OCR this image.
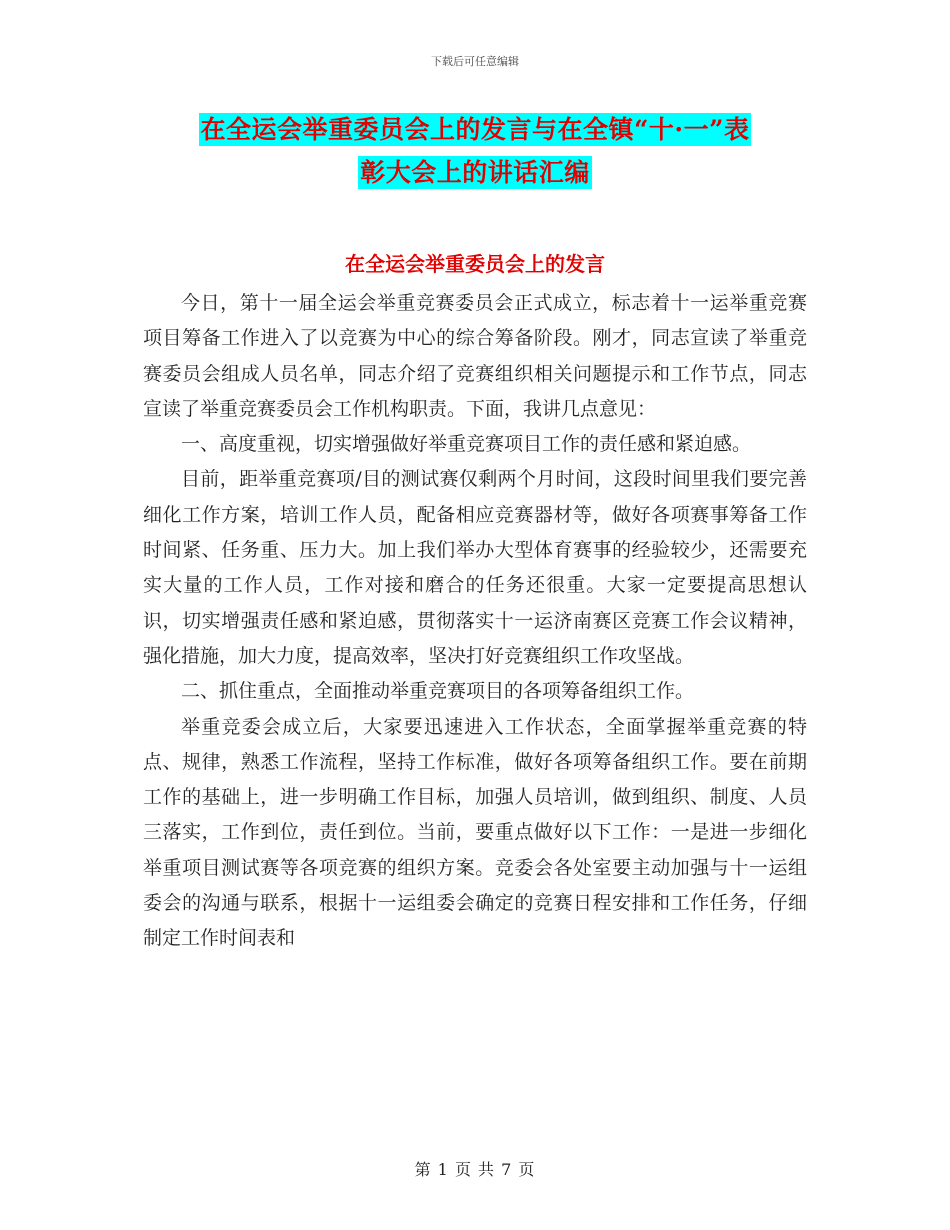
下载后可任意编辑
在全运会举重委员会上的发言与在全镇“十·一”表
彰大会上的讲话汇编
在全运会举重委员会上的发言

今日，第十一届全运会举重竞赛委员会正式成立，标志着十一运举重竞赛项目筹备工作进入了以竞赛为中心的综合筹备阶段。刚才，同志宣读了举重竞赛委员会组成人员名单，同志介绍了竞赛组织相关问题提示和工作节点，同志宣读了举重竞赛委员会工作机构职责。下面，我讲几点意见：

一、高度重视，切实增强做好举重竞赛项目工作的责任感和紧迫感。

目前，距举重竞赛项/目的测试赛仅剩两个月时间，这段时间里我们要完善细化工作方案，培训工作人员，配备相应竞赛器材等，做好各项赛事筹备工作时间紧、任务重、压力大。加上我们举办大型体育赛事的经验较少，还需要充实大量的工作人员，工作对接和磨合的任务还很重。大家一定要提高思想认识，切实增强责任感和紧迫感，贯彻落实十一运济南赛区竞赛工作会议精神，强化措施，加大力度，提高效率，坚决打好竞赛组织工作攻坚战。

二、抓住重点，全面推动举重竞赛项目的各项筹备组织工作。

举重竞委会成立后，大家要迅速进入工作状态，全面掌握举重竞赛的特点、规律，熟悉工作流程，坚持工作标准，做好各项筹备组织工作。要在前期工作的基础上，进一步明确工作目标，加强人员培训，做到组织、制度、人员三落实，工作到位，责任到位。当前，要重点做好以下工作：一是进一步细化举重项目测试赛等各项竞赛的组织方案。竞委会各处室要主动加强与十一运组委会的沟通与联系，根据十一运组委会确定的竞赛日程安排和工作任务，仔细制定工作时间表和

第 1 页 共 7 页
